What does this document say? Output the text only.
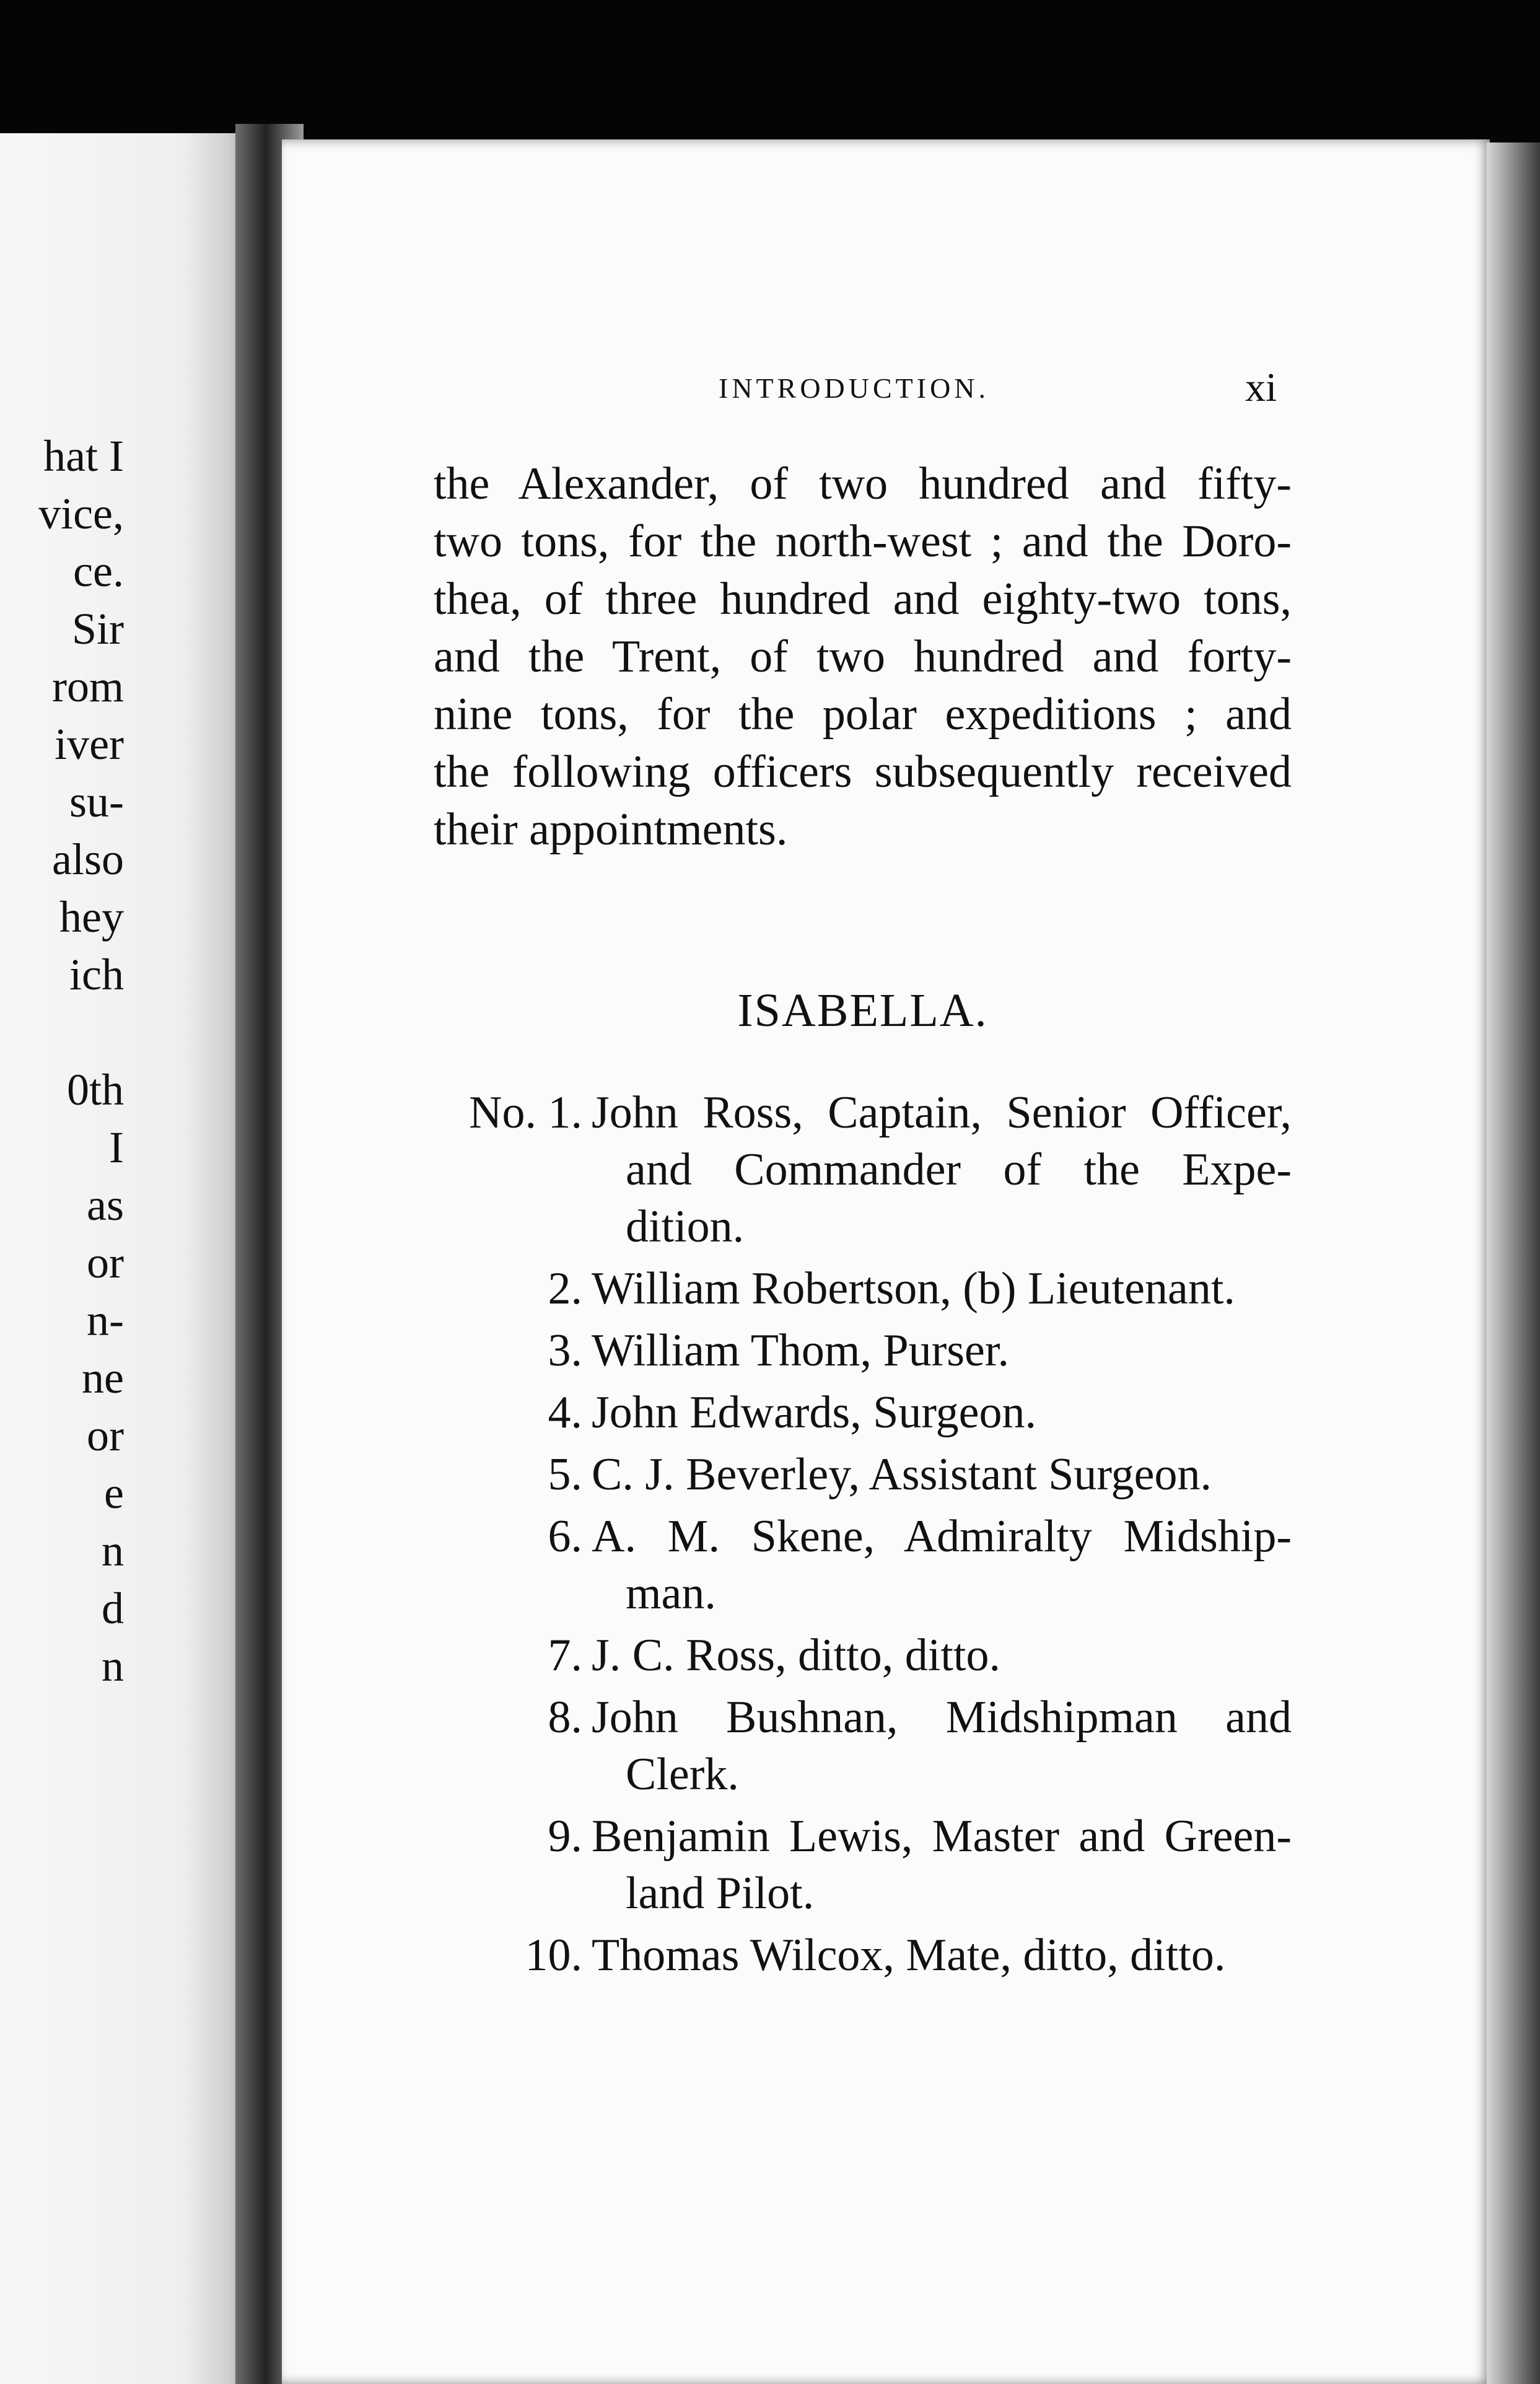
hat I
vice,
ce.
Sir
rom
iver
su-
also
hey
ich
0th
I
as
or
n-
ne
or
e
n
d
n
INTRODUCTION.	xi
the Alexander, of two hundred and fifty-
two tons, for the north-west ; and the Doro-
thea, of three hundred and eighty-two tons,
and the Trent, of two hundred and forty-
nine tons, for the polar expeditions ; and
the following officers subsequently received
their appointments.
ISABELLA.
No. 1. John Ross, Captain, Senior Officer,
and Commander of the Expe-
dition.
2. William Robertson, (b) Lieutenant.
3. William Thom, Purser.
4. John Edwards, Surgeon.
5. C. J. Beverley, Assistant Surgeon.
6. A. M. Skene, Admiralty Midship-
man.
7. J. C. Ross, ditto, ditto.
8. John Bushnan, Midshipman and
Clerk.
9. Benjamin Lewis, Master and Green-
land Pilot.
10. Thomas Wilcox, Mate, ditto, ditto.
